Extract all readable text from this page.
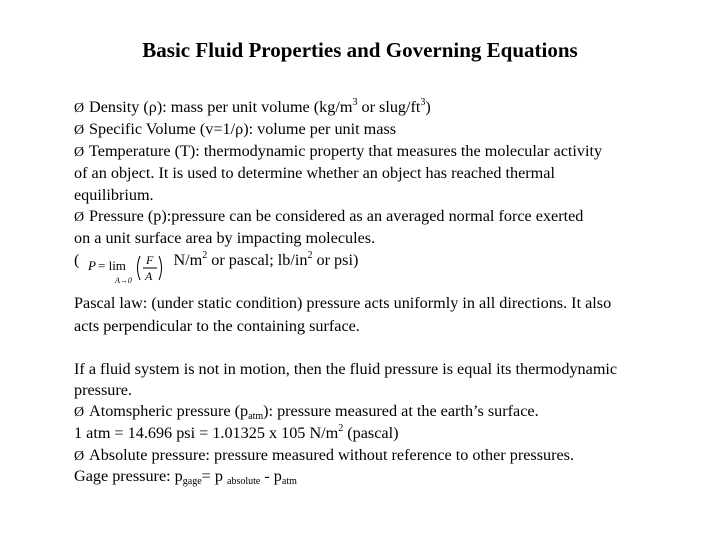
Basic Fluid Properties and Governing Equations
Ø Density (ρ): mass per unit volume ($kg/m^3$ or slug/$ft^3$)
Ø Specific Volume (v=1/ρ): volume per unit mass
Ø Temperature (T): thermodynamic property that measures the molecular activity
of an object. It is used to determine whether an object has reached thermal
equilibrium.
Ø Pressure (p):pressure can be considered as an averaged normal force exerted
on a unit surface area by impacting molecules.
(	$N/m^2$ or pascal; $lb/in^2$ or psi)
P = lim
A→0
F
A
Pascal law: (under static condition) pressure acts uniformly in all directions. It also
acts perpendicular to the containing surface.
If a fluid system is not in motion, then the fluid pressure is equal its thermodynamic
pressure.
Ø Atomspheric pressure $(p_{atm})$: pressure measured at the earth’s surface.
1 atm = 14.696 psi = 1.01325 x 105 $N/m^2$ (pascal)
Ø Absolute pressure: pressure measured without reference to other pressures.
Gage pressure: $p_{gage}= p$ $_{absolute} - p_{atm}$
